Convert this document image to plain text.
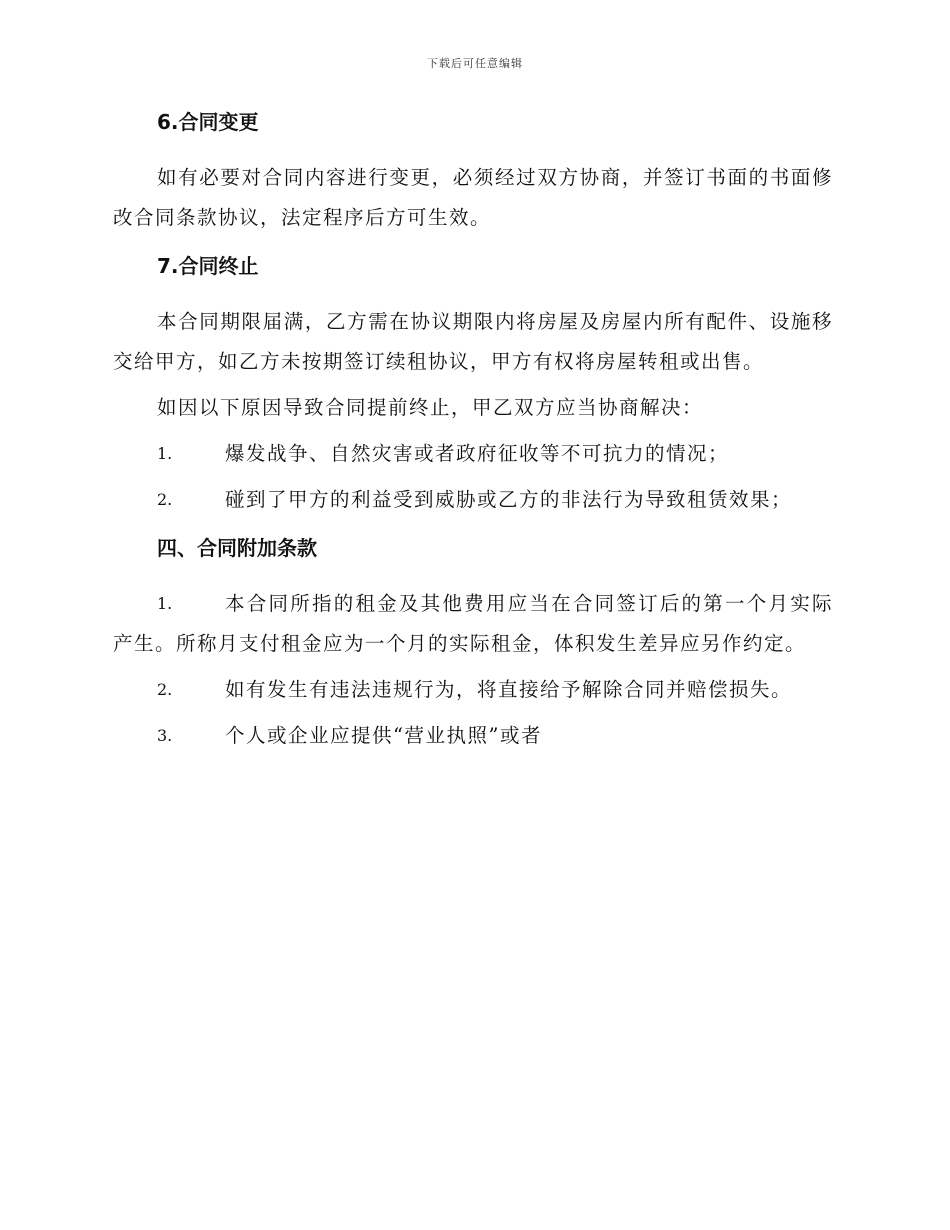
下载后可任意编辑
6.合同变更

如有必要对合同内容进行变更，必须经过双方协商，并签订书面的书面修改合同条款协议，法定程序后方可生效。

7.合同终止

本合同期限届满，乙方需在协议期限内将房屋及房屋内所有配件、设施移交给甲方，如乙方未按期签订续租协议，甲方有权将房屋转租或出售。

如因以下原因导致合同提前终止，甲乙双方应当协商解决：

1.	爆发战争、自然灾害或者政府征收等不可抗力的情况；
2.	碰到了甲方的利益受到威胁或乙方的非法行为导致租赁效果；
四、合同附加条款
1.	本合同所指的租金及其他费用应当在合同签订后的第一个月实际产生。所称月支付租金应为一个月的实际租金，体积发生差异应另作约定。
2.	如有发生有违法违规行为，将直接给予解除合同并赔偿损失。
3.	个人或企业应提供“营业执照”或者
